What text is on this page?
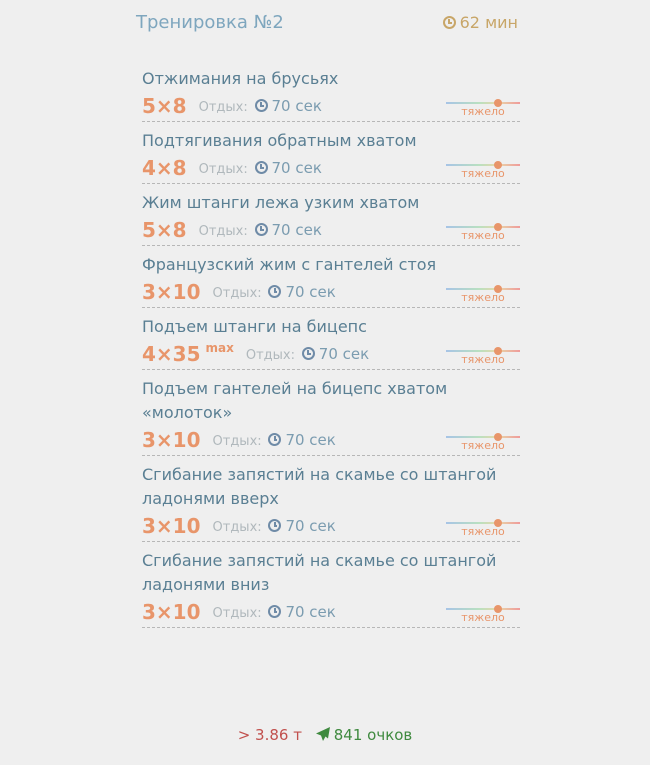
Тренировка №2	62 мин
Отжимания на брусьях
5×8 Отдых: 70 сек	тяжело
Подтягивания обратным хватом
4×8 Отдых: 70 сек	тяжело
Жим штанги лежа узким хватом
5×8 Отдых: 70 сек	тяжело
Французский жим с гантелей стоя
3×10 Отдых: 70 сек	тяжело
Подъем штанги на бицепс
4×35 max Отдых: 70 сек	тяжело
Подъем гантелей на бицепс хватом «молоток»
3×10 Отдых: 70 сек	тяжело
Сгибание запястий на скамье со штангой ладонями вверх
3×10 Отдых: 70 сек	тяжело
Сгибание запястий на скамье со штангой ладонями вниз
3×10 Отдых: 70 сек	тяжело
> 3.86 т 841 очков
